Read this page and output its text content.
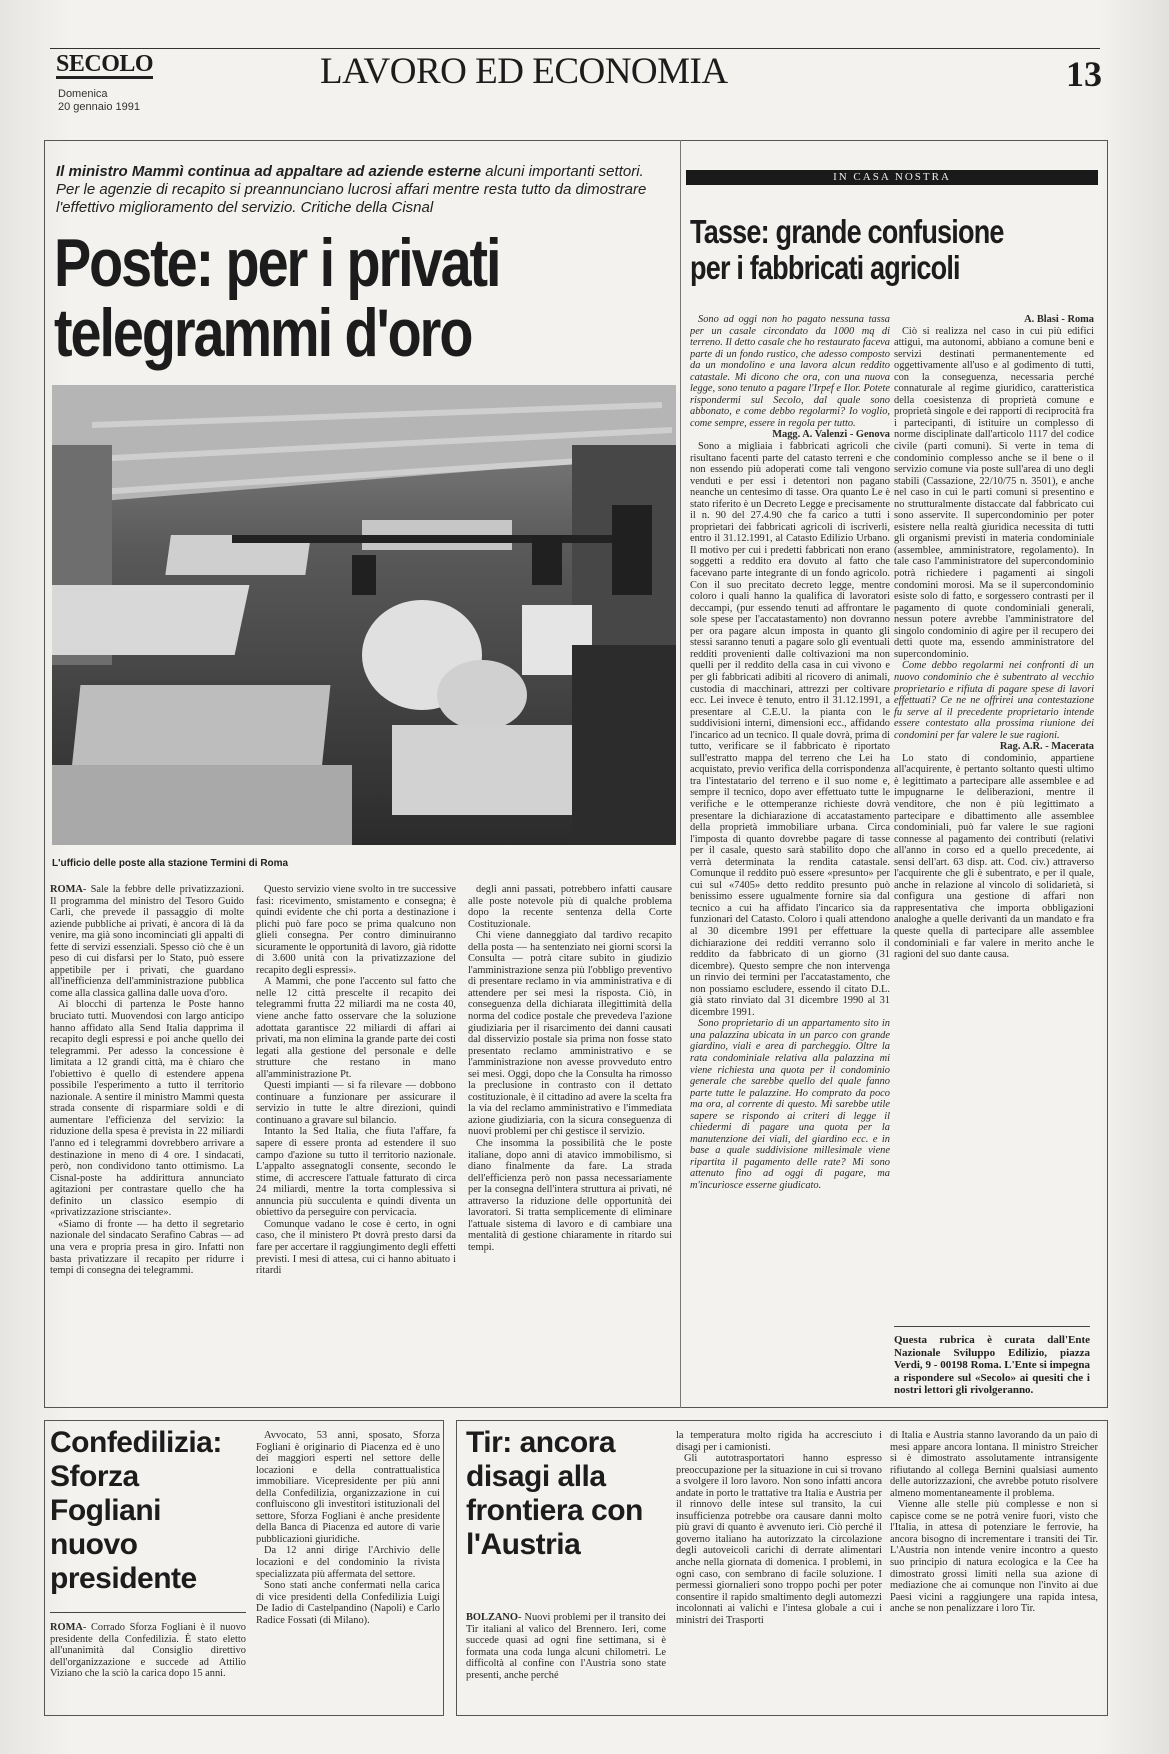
SECOLO
Domenica
20 gennaio 1991
LAVORO ED ECONOMIA	13
Il ministro Mammì continua ad appaltare ad aziende esterne alcuni importanti settori. Per le agenzie di recapito si preannunciano lucrosi affari mentre resta tutto da dimostrare l'effettivo miglioramento del servizio. Critiche della Cisnal
Poste: per i privati telegrammi d'oro
L'ufficio delle poste alla stazione Termini di Roma

ROMA- Sale la febbre delle privatizzazioni. Il programma del ministro del Tesoro Guido Carli, che prevede il passaggio di molte aziende pubbliche ai privati, è ancora di là da venire, ma già sono incominciati gli appalti di fette di servizi essenziali. Spesso ciò che è un peso di cui disfarsi per lo Stato, può essere appetibile per i privati, che guardano all'inefficienza dell'amministrazione pubblica come alla classica gallina dalle uova d'oro.

Ai blocchi di partenza le Poste hanno bruciato tutti. Muovendosi con largo anticipo hanno affidato alla Send Italia dapprima il recapito degli espressi e poi anche quello dei telegrammi. Per adesso la concessione è limitata a 12 grandi città, ma è chiaro che l'obiettivo è quello di estendere appena possibile l'esperimento a tutto il territorio nazionale. A sentire il ministro Mammì questa strada consente di risparmiare soldi e di aumentare l'efficienza del servizio: la riduzione della spesa è prevista in 22 miliardi l'anno ed i telegrammi dovrebbero arrivare a destinazione in meno di 4 ore. I sindacati, però, non condividono tanto ottimismo. La Cisnal-poste ha addirittura annunciato agitazioni per contrastare quello che ha definito un classico esempio di «privatizzazione strisciante».

«Siamo di fronte — ha detto il segretario nazionale del sindacato Serafino Cabras — ad una vera e propria presa in giro. Infatti non basta privatizzare il recapito per ridurre i tempi di consegna dei telegrammi.

Questo servizio viene svolto in tre successive fasi: ricevimento, smistamento e consegna; è quindi evidente che chi porta a destinazione i plichi può fare poco se prima qualcuno non glieli consegna. Per contro diminuiranno sicuramente le opportunità di lavoro, già ridotte di 3.600 unità con la privatizzazione del recapito degli espressi».

A Mammì, che pone l'accento sul fatto che nelle 12 città prescelte il recapito dei telegrammi frutta 22 miliardi ma ne costa 40, viene anche fatto osservare che la soluzione adottata garantisce 22 miliardi di affari ai privati, ma non elimina la grande parte dei costi legati alla gestione del personale e delle strutture che restano in mano all'amministrazione Pt.

Questi impianti — si fa rilevare — dobbono continuare a funzionare per assicurare il servizio in tutte le altre direzioni, quindi continuano a gravare sul bilancio.

Intanto la Sed Italia, che fiuta l'affare, fa sapere di essere pronta ad estendere il suo campo d'azione su tutto il territorio nazionale. L'appalto assegnatogli consente, secondo le stime, di accrescere l'attuale fatturato di circa 24 miliardi, mentre la torta complessiva si annuncia più succulenta e quindi diventa un obiettivo da perseguire con pervicacia.

Comunque vadano le cose è certo, in ogni caso, che il ministero Pt dovrà presto darsi da fare per accertare il raggiungimento degli effetti previsti. I mesi di attesa, cui ci hanno abituato i ritardi

degli anni passati, potrebbero infatti causare alle poste notevole più di qualche problema dopo la recente sentenza della Corte Costituzionale.

Chi viene danneggiato dal tardivo recapito della posta — ha sentenziato nei giorni scorsi la Consulta — potrà citare subito in giudizio l'amministrazione senza più l'obbligo preventivo di presentare reclamo in via amministrativa e di attendere per sei mesi la risposta. Ciò, in conseguenza della dichiarata illegittimità della norma del codice postale che prevedeva l'azione giudiziaria per il risarcimento dei danni causati dal disservizio postale sia prima non fosse stato presentato reclamo amministrativo e se l'amministrazione non avesse provveduto entro sei mesi. Oggi, dopo che la Consulta ha rimosso la preclusione in contrasto con il dettato costituzionale, è il cittadino ad avere la scelta fra la via del reclamo amministrativo e l'immediata azione giudiziaria, con la sicura conseguenza di nuovi problemi per chi gestisce il servizio.

Che insomma la possibilità che le poste italiane, dopo anni di atavico immobilismo, si diano finalmente da fare. La strada dell'efficienza però non passa necessariamente per la consegna dell'intera struttura ai privati, né attraverso la riduzione delle opportunità dei lavoratori. Si tratta semplicemente di eliminare l'attuale sistema di lavoro e di cambiare una mentalità di gestione chiaramente in ritardo sui tempi.

IN CASA NOSTRA
Tasse: grande confusione per i fabbricati agricoli

Sono ad oggi non ho pagato nessuna tassa per un casale circondato da 1000 mq di terreno. Il detto casale che ho restaurato faceva parte di un fondo rustico, che adesso composto da un mondolino e una lavora alcun reddito catastale. Mi dicono che ora, con una nuova legge, sono tenuto a pagare l'Irpef e Ilor. Potete rispondermi sul Secolo, dal quale sono abbonato, e come debbo regolarmi? Io voglio, come sempre, essere in regola per tutto.

Magg. A. Valenzi - Genova

Sono a migliaia i fabbricati agricoli che risultano facenti parte del catasto terreni e che non essendo più adoperati come tali vengono venduti e per essi i detentori non pagano neanche un centesimo di tasse. Ora quanto Le è stato riferito è un Decreto Legge e precisamente il n. 90 del 27.4.90 che fa carico a tutti i proprietari dei fabbricati agricoli di iscriverli, entro il 31.12.1991, al Catasto Edilizio Urbano. Il motivo per cui i predetti fabbricati non erano soggetti a reddito era dovuto al fatto che facevano parte integrante di un fondo agricolo. Con il suo precitato decreto legge, mentre coloro i quali hanno la qualifica di lavoratori deccampi, (pur essendo tenuti ad affrontare le sole spese per l'accatastamento) non dovranno per ora pagare alcun imposta in quanto gli stessi saranno tenuti a pagare solo gli eventuali redditi provenienti dalle coltivazioni ma non quelli per il reddito della casa in cui vivono e per gli fabbricati adibiti al ricovero di animali, custodia di macchinari, attrezzi per coltivare ecc. Lei invece è tenuto, entro il 31.12.1991, a presentare al C.E.U. la pianta con le suddivisioni interni, dimensioni ecc., affidando l'incarico ad un tecnico. Il quale dovrà, prima di tutto, verificare se il fabbricato è riportato sull'estratto mappa del terreno che Lei ha acquistato, previo verifica della corrispondenza tra l'intestatario del terreno e il suo nome e, sempre il tecnico, dopo aver effettuato tutte le verifiche e le ottemperanze richieste dovrà presentare la dichiarazione di accatastamento della proprietà immobiliare urbana. Circa l'imposta di quanto dovrebbe pagare di tasse per il casale, questo sarà stabilito dopo che verrà determinata la rendita catastale. Comunque il reddito può essere «presunto» per cui sul «7405» detto reddito presunto può benissimo essere ugualmente fornire sia dal tecnico a cui ha affidato l'incarico sia da funzionari del Catasto. Coloro i quali attendono al 30 dicembre 1991 per effettuare la dichiarazione dei redditi verranno solo il reddito da fabbricato di un giorno (31 dicembre). Questo sempre che non intervenga un rinvio dei termini per l'accatastamento, che non possiamo escludere, essendo il citato D.L. già stato rinviato dal 31 dicembre 1990 al 31 dicembre 1991.

Sono proprietario di un appartamento sito in una palazzina ubicata in un parco con grande giardino, viali e area di parcheggio. Oltre la rata condominiale relativa alla palazzina mi viene richiesta una quota per il condominio generale che sarebbe quello del quale fanno parte tutte le palazzine. Ho comprato da poco ma ora, al corrente di questo. Mi sarebbe utile sapere se rispondo ai criteri di legge il chiedermi di pagare una quota per la manutenzione dei viali, del giardino ecc. e in base a quale suddivisione millesimale viene ripartita il pagamento delle rate? Mi sono attenuto fino ad oggi di pagare, ma m'incuriosce esserne giudicato.

A. Blasi - Roma

Ciò si realizza nel caso in cui più edifici attigui, ma autonomi, abbiano a comune beni e servizi destinati permanentemente ed oggettivamente all'uso e al godimento di tutti, con la conseguenza, necessaria perché connaturale al regime giuridico, caratteristica della coesistenza di proprietà comune e proprietà singole e dei rapporti di reciprocità fra i partecipanti, di istituire un complesso di norme disciplinate dall'articolo 1117 del codice civile (parti comuni). Si verte in tema di condominio complesso anche se il bene o il servizio comune via poste sull'area di uno degli stabili (Cassazione, 22/10/75 n. 3501), e anche nel caso in cui le parti comuni si presentino e no strutturalmente distaccate dal fabbricato cui sono asservite. Il supercondominio per poter esistere nella realtà giuridica necessita di tutti gli organismi previsti in materia condominiale (assemblee, amministratore, regolamento). In tale caso l'amministratore del supercondominio potrà richiedere i pagamenti ai singoli condomini morosi. Ma se il supercondominio esiste solo di fatto, e sorgessero contrasti per il pagamento di quote condominiali generali, nessun potere avrebbe l'amministratore del singolo condominio di agire per il recupero dei detti quote ma, essendo amministratore del supercondominio.

Come debbo regolarmi nei confronti di un nuovo condominio che è subentrato al vecchio proprietario e rifiuta di pagare spese di lavori effettuati? Ce ne ne offrirei una contestazione fu serve al il precedente proprietario intende essere contestato alla prossima riunione dei condomini per far valere le sue ragioni.

Rag. A.R. - Macerata

Lo stato di condominio, appartiene all'acquirente, è pertanto soltanto questi ultimo è legittimato a partecipare alle assemblee e ad impugnarne le deliberazioni, mentre il venditore, che non è più legittimato a partecipare e dibattimento alle assemblee condominiali, può far valere le sue ragioni connesse al pagamento dei contributi (relativi all'anno in corso ed a quello precedente, ai sensi dell'art. 63 disp. att. Cod. civ.) attraverso l'acquirente che gli è subentrato, e per il quale, anche in relazione al vincolo di solidarietà, si configura una gestione di affari non rappresentativa che importa obbligazioni analoghe a quelle derivanti da un mandato e fra queste quella di partecipare alle assemblee condominiali e far valere in merito anche le ragioni del suo dante causa.

Questa rubrica è curata dall'Ente Nazionale Sviluppo Edilizio, piazza Verdi, 9 - 00198 Roma. L'Ente si impegna a rispondere sul «Secolo» ai quesiti che i nostri lettori gli rivolgeranno.
Confedilizia: Sforza Fogliani nuovo presidente

ROMA- Corrado Sforza Fogliani è il nuovo presidente della Confedilizia. È stato eletto all'unanimità dal Consiglio direttivo dell'organizzazione e succede ad Attilio Viziano che la sciò la carica dopo 15 anni.

Avvocato, 53 anni, sposato, Sforza Fogliani è originario di Piacenza ed è uno dei maggiori esperti nel settore delle locazioni e della contrattualistica immobiliare. Vicepresidente per più anni della Confedilizia, organizzazione in cui confluiscono gli investitori istituzionali del settore, Sforza Fogliani è anche presidente della Banca di Piacenza ed autore di varie pubblicazioni giuridiche.

Da 12 anni dirige l'Archivio delle locazioni e del condominio la rivista specializzata più affermata del settore.

Sono stati anche confermati nella carica di vice presidenti della Confedilizia Luigi De Iadio di Castelpandino (Napoli) e Carlo Radice Fossati (di Milano).

Tir: ancora disagi alla frontiera con l'Austria

BOLZANO- Nuovi problemi per il transito dei Tir italiani al valico del Brennero. Ieri, come succede quasi ad ogni fine settimana, si è formata una coda lunga alcuni chilometri. Le difficoltà al confine con l'Austria sono state presenti, anche perché

la temperatura molto rigida ha accresciuto i disagi per i camionisti.

Gli autotrasportatori hanno espresso preoccupazione per la situazione in cui si trovano a svolgere il loro lavoro. Non sono infatti ancora andate in porto le trattative tra Italia e Austria per il rinnovo delle intese sul transito, la cui insufficienza potrebbe ora causare danni molto più gravi di quanto è avvenuto ieri. Ciò perché il governo italiano ha autorizzato la circolazione degli autoveicoli carichi di derrate alimentari anche nella giornata di domenica. I problemi, in ogni caso, con sembrano di facile soluzione. I permessi giornalieri sono troppo pochi per poter consentire il rapido smaltimento degli automezzi incolonnati ai valichi e l'intesa globale a cui i ministri dei Trasporti

di Italia e Austria stanno lavorando da un paio di mesi appare ancora lontana. Il ministro Streicher si è dimostrato assolutamente intransigente rifiutando al collega Bernini qualsiasi aumento delle autorizzazioni, che avrebbe potuto risolvere almeno momentaneamente il problema.

Vienne alle stelle più complesse e non si capisce come se ne potrà venire fuori, visto che l'Italia, in attesa di potenziare le ferrovie, ha ancora bisogno di incrementare i transiti dei Tir. L'Austria non intende venire incontro a questo suo principio di natura ecologica e la Cee ha dimostrato grossi limiti nella sua azione di mediazione che ai comunque non l'invito ai due Paesi vicini a raggiungere una rapida intesa, anche se non penalizzare i loro Tir.
